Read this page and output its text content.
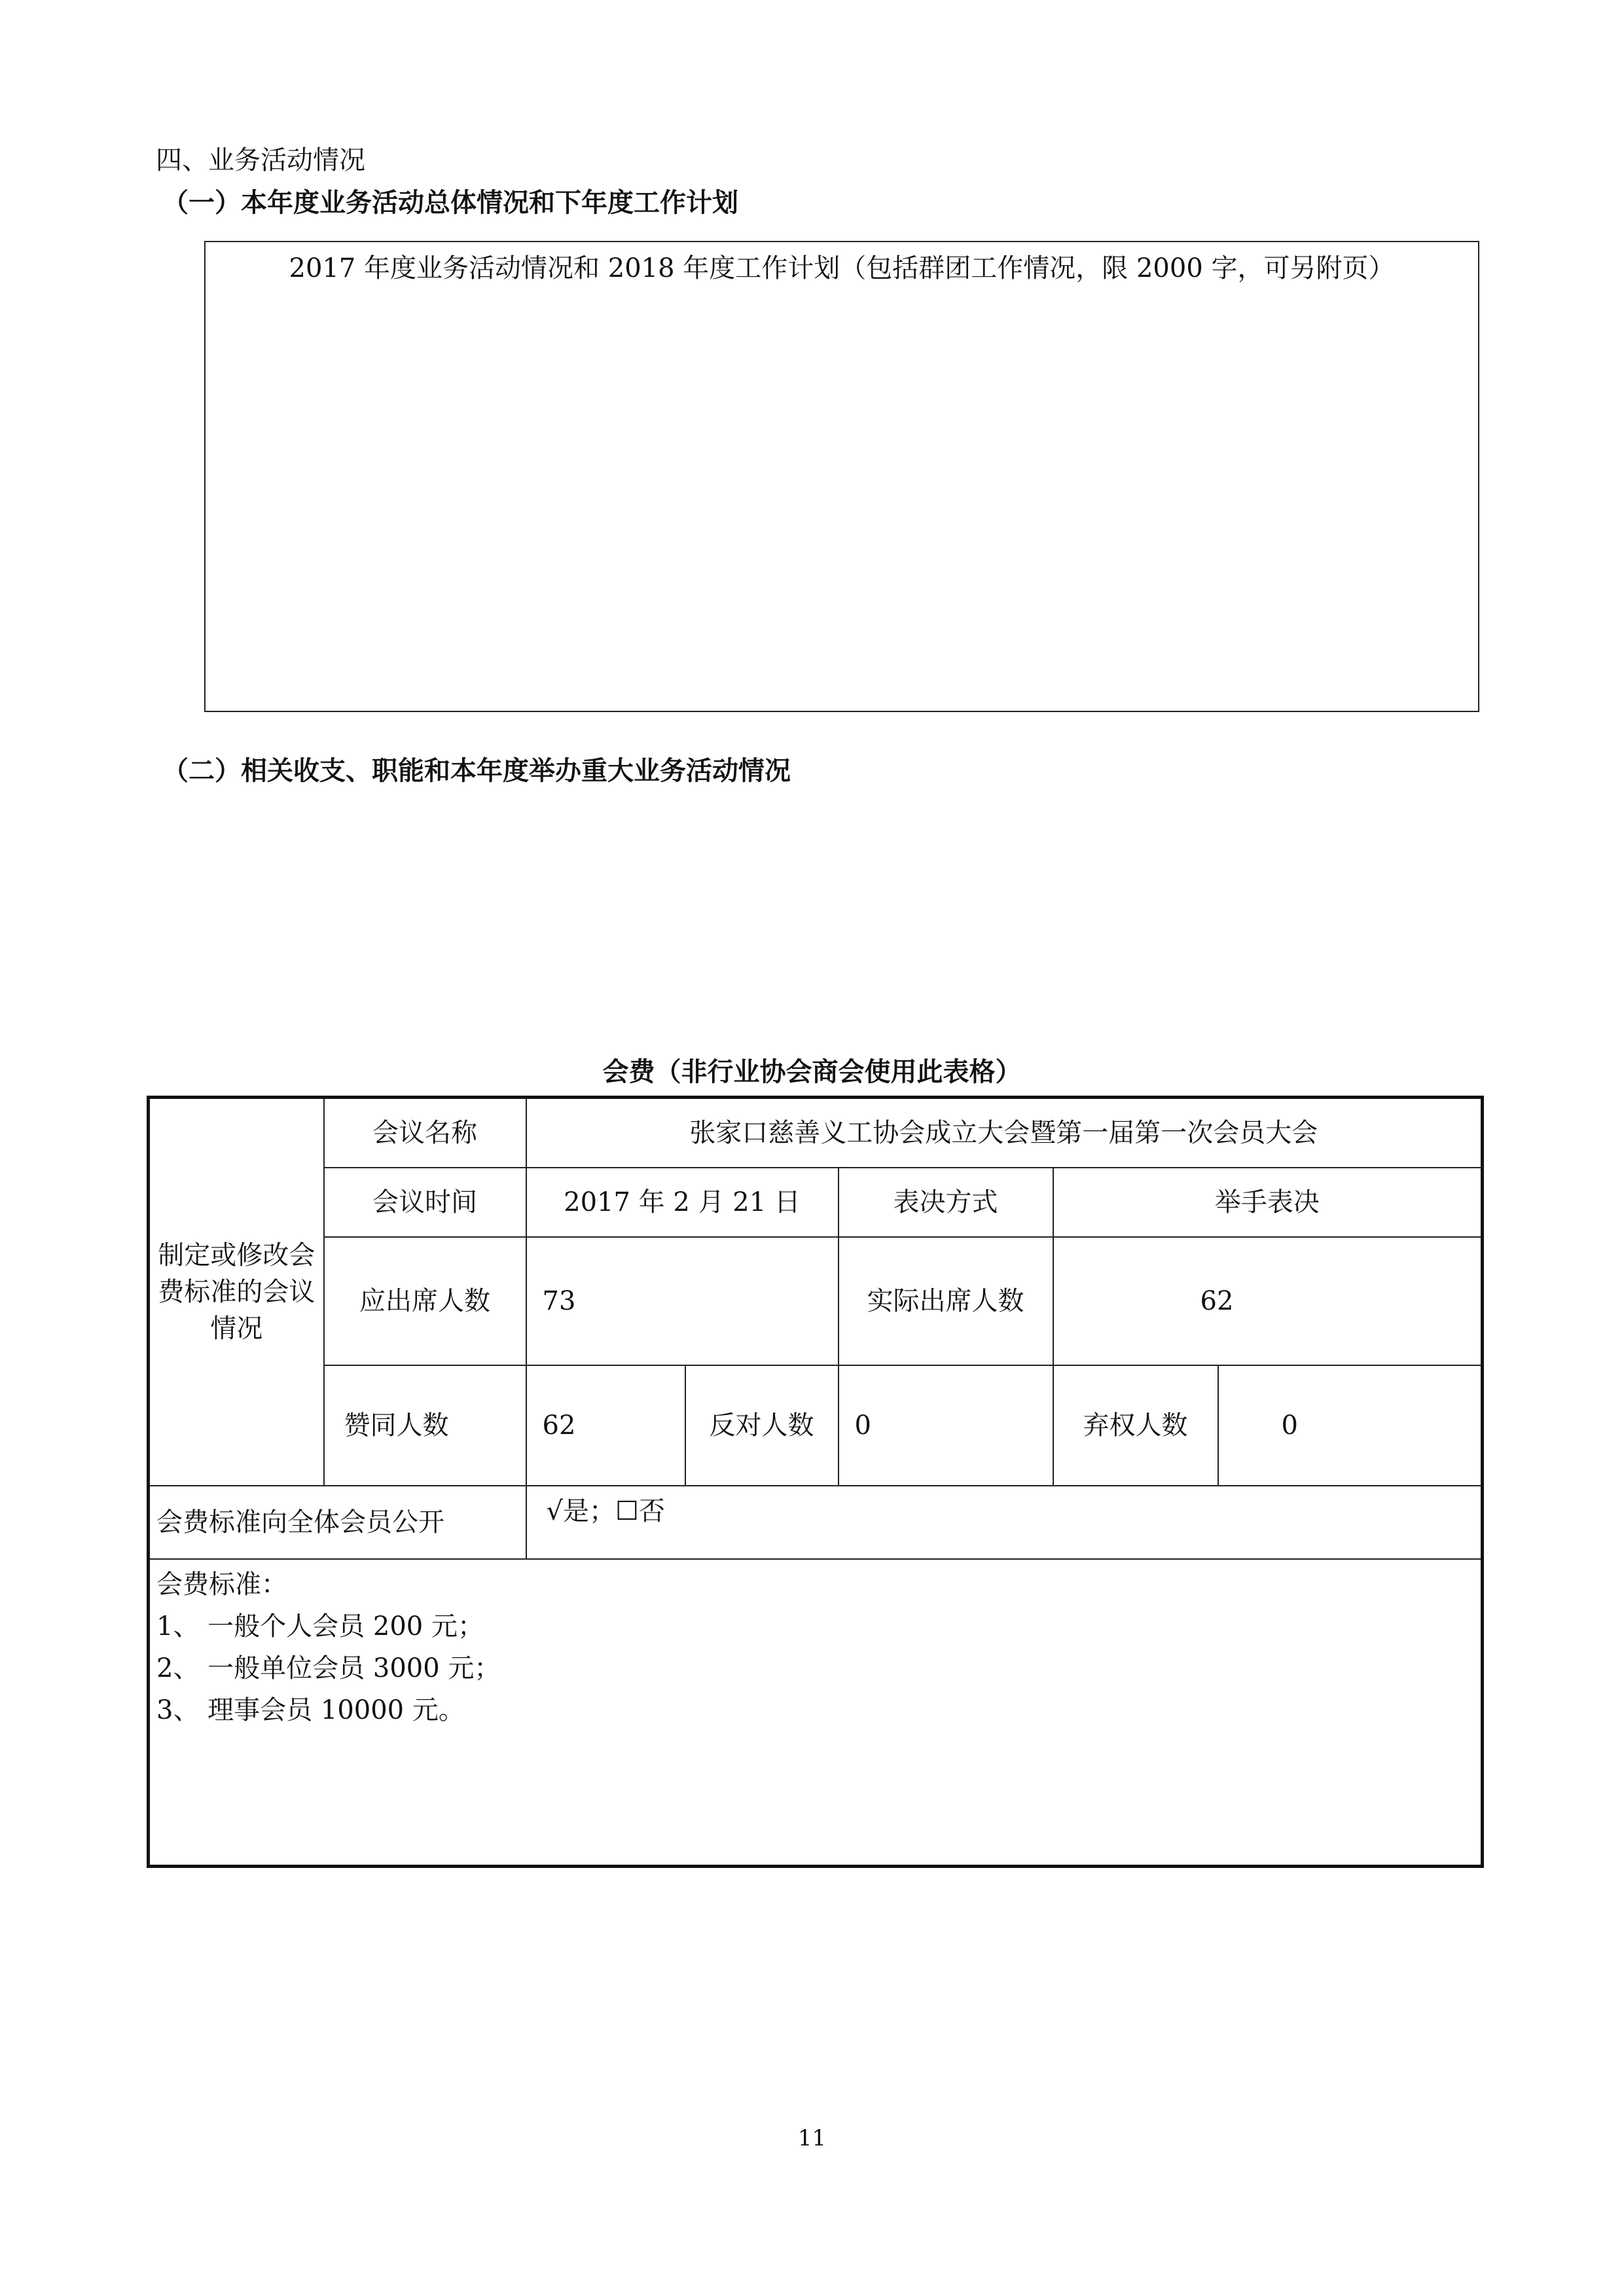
四、业务活动情况
（一）本年度业务活动总体情况和下年度工作计划
2017 年度业务活动情况和 2018 年度工作计划（包括群团工作情况，限 2000 字，可另附页）
（二）相关收支、职能和本年度举办重大业务活动情况
会费（非行业协会商会使用此表格）
制定或修改会费标准的会议情况	会议名称	张家口慈善义工协会成立大会暨第一届第一次会员大会				
	会议时间	2017 年 2 月 21 日		表决方式	举手表决	
	应出席人数	73		实际出席人数	62	
	赞同人数	62	反对人数	0	弃权人数	0
会费标准向全体会员公开		√是；☐否				

会费标准：
1、 一般个人会员 200 元；
2、 一般单位会员 3000 元；
3、 理事会员 10000 元。						
11
